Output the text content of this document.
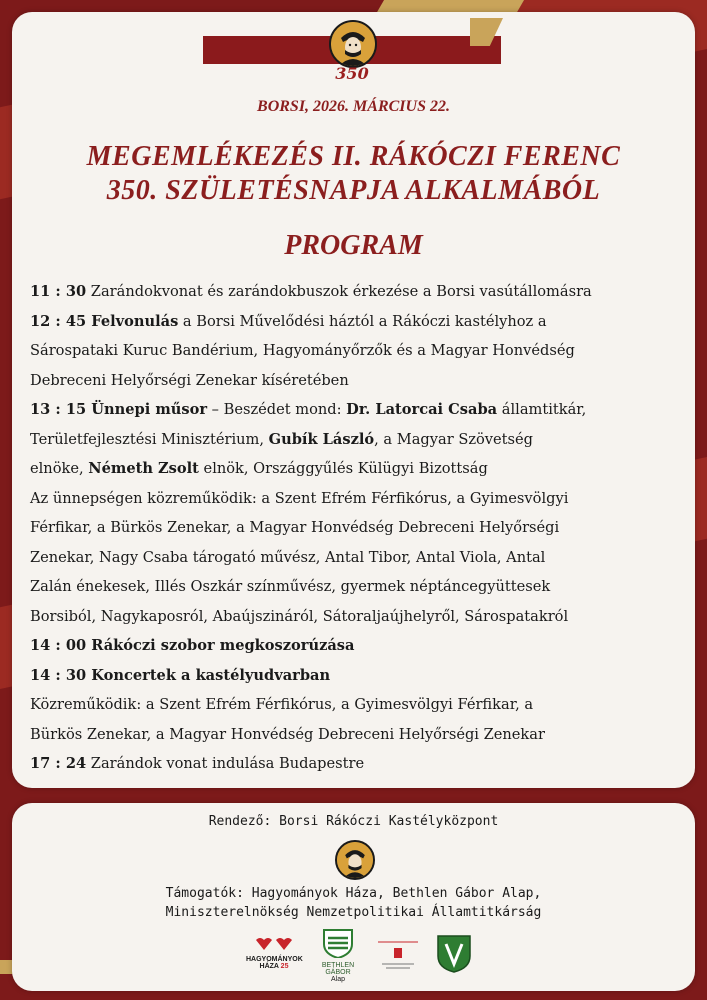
350
BORSI, 2026. MÁRCIUS 22.
MEGEMLÉKEZÉS II. RÁKÓCZI FERENC
350. SZÜLETÉSNAPJA ALKALMÁBÓL
PROGRAM
11 : 30 Zarándokvonat és zarándokbuszok érkezése a Borsi vasútállomásra
12 : 45 Felvonulás a Borsi Művelődési háztól a Rákóczi kastélyhoz a
Sárospataki Kuruc Bandérium, Hagyományőrzők és a Magyar Honvédség
Debreceni Helyőrségi Zenekar kíséretében
13 : 15 Ünnepi műsor – Beszédet mond: Dr. Latorcai Csaba államtitkár,
Területfejlesztési Minisztérium, Gubík László, a Magyar Szövetség
elnöke, Németh Zsolt elnök, Országgyűlés Külügyi Bizottság
Az ünnepségen közreműködik: a Szent Efrém Férfikórus, a Gyimesvölgyi
Férfikar, a Bürkös Zenekar, a Magyar Honvédség Debreceni Helyőrségi
Zenekar, Nagy Csaba tárogató művész, Antal Tibor, Antal Viola, Antal
Zalán énekesek, Illés Oszkár színművész, gyermek néptáncegyüttesek
Borsiból, Nagykaposról, Abaújszináról, Sátoraljaújhelyről, Sárospatakról
14 : 00 Rákóczi szobor megkoszorúzása
14 : 30 Koncertek a kastélyudvarban
Közreműködik: a Szent Efrém Férfikórus, a Gyimesvölgyi Férfikar, a
Bürkös Zenekar, a Magyar Honvédség Debreceni Helyőrségi Zenekar
17 : 24 Zarándok vonat indulása Budapestre
Rendező: Borsi Rákóczi Kastélyközpont
Támogatók: Hagyományok Háza, Bethlen Gábor Alap,
Miniszterelnökség Nemzetpolitikai Államtitkárság
HAGYOMÁNYOK
HÁZA 25	BETHLEN GÁBOR
Alap
